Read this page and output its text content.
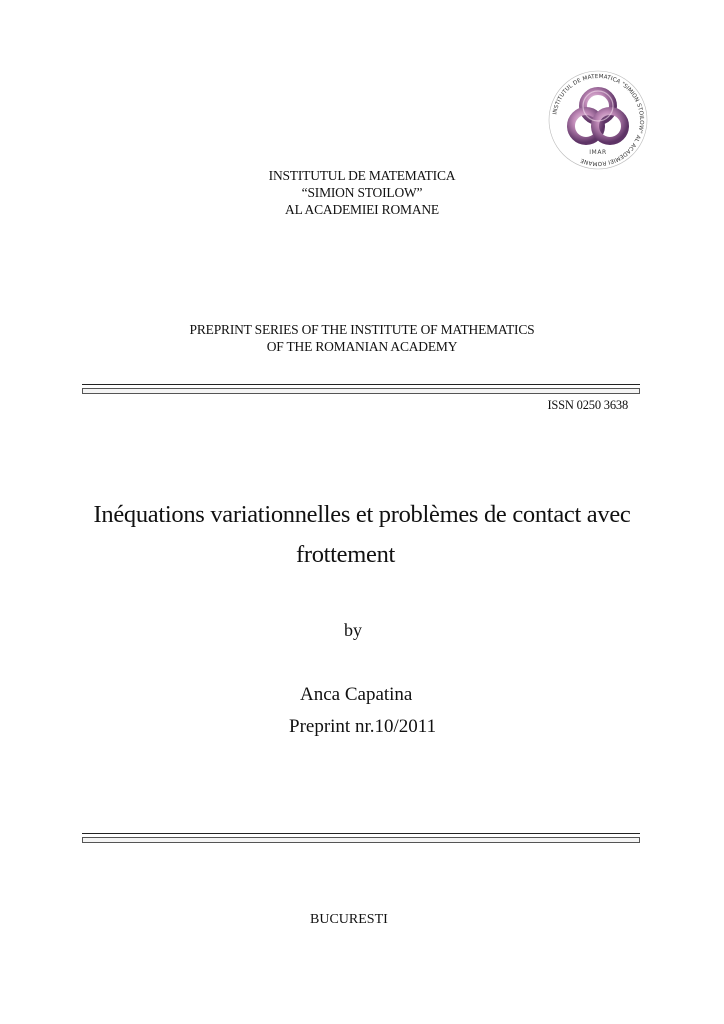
INSTITUTUL DE MATEMATICA "SIMION STOILOW" AL ACADEMIEI ROMANE
IMAR
INSTITUTUL DE MATEMATICA
“SIMION STOILOW”
AL ACADEMIEI ROMANE
PREPRINT SERIES OF THE INSTITUTE OF MATHEMATICS
OF THE ROMANIAN ACADEMY
ISSN 0250 3638
Inéquations variationnelles et problèmes de contact avec
frottement
by
Anca Capatina
Preprint nr.10/2011
BUCURESTI
